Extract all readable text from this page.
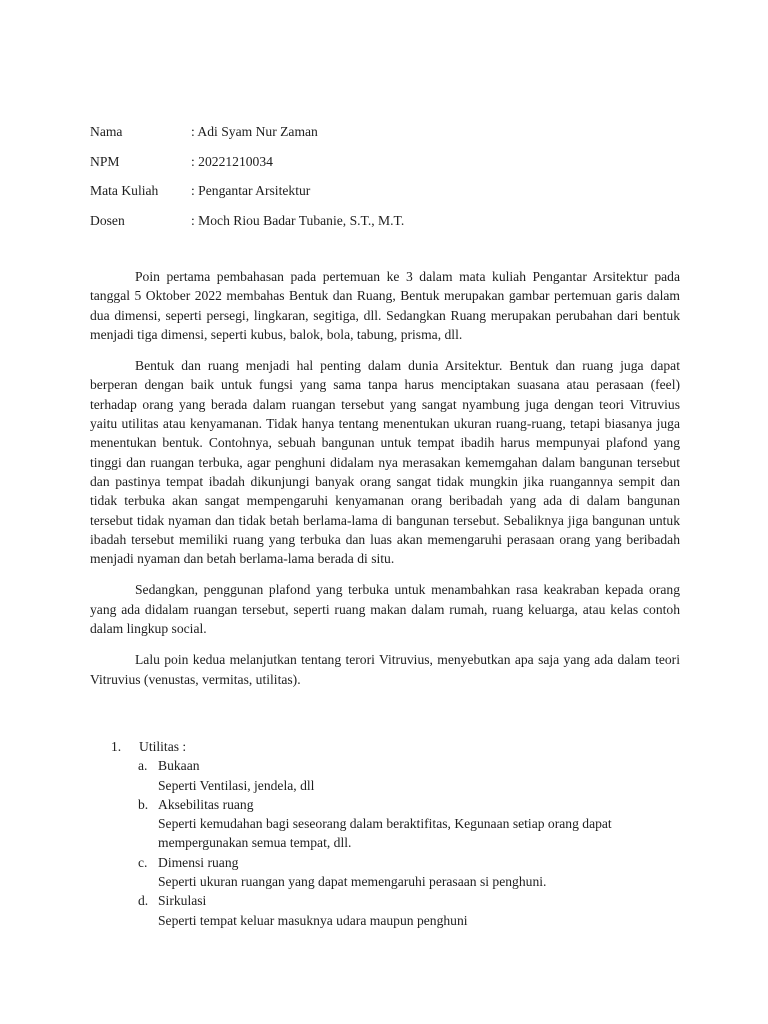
Nama	: Adi Syam Nur Zaman
NPM	: 20221210034
Mata Kuliah	: Pengantar Arsitektur
Dosen	: Moch Riou Badar Tubanie, S.T., M.T.

Poin pertama pembahasan pada pertemuan ke 3 dalam mata kuliah Pengantar Arsitektur pada tanggal 5 Oktober 2022 membahas Bentuk dan Ruang, Bentuk merupakan gambar pertemuan garis dalam dua dimensi, seperti persegi, lingkaran, segitiga, dll. Sedangkan Ruang merupakan perubahan dari bentuk menjadi tiga dimensi, seperti kubus, balok, bola, tabung, prisma, dll.

Bentuk dan ruang menjadi hal penting dalam dunia Arsitektur. Bentuk dan ruang juga dapat berperan dengan baik untuk fungsi yang sama tanpa harus menciptakan suasana atau perasaan (feel) terhadap orang yang berada dalam ruangan tersebut yang sangat nyambung juga dengan teori Vitruvius yaitu utilitas atau kenyamanan. Tidak hanya tentang menentukan ukuran ruang-ruang, tetapi biasanya juga menentukan bentuk. Contohnya, sebuah bangunan untuk tempat ibadih harus mempunyai plafond yang tinggi dan ruangan terbuka, agar penghuni didalam nya merasakan kememgahan dalam bangunan tersebut dan pastinya tempat ibadah dikunjungi banyak orang sangat tidak mungkin jika ruangannya sempit dan tidak terbuka akan sangat mempengaruhi kenyamanan orang beribadah yang ada di dalam bangunan tersebut tidak nyaman dan tidak betah berlama-lama di bangunan tersebut. Sebaliknya jiga bangunan untuk ibadah tersebut memiliki ruang yang terbuka dan luas akan memengaruhi perasaan orang yang beribadah menjadi nyaman dan betah berlama-lama berada di situ.

Sedangkan, penggunan plafond yang terbuka untuk menambahkan rasa keakraban kepada orang yang ada didalam ruangan tersebut, seperti ruang makan dalam rumah, ruang keluarga, atau kelas contoh dalam lingkup social.

Lalu poin kedua melanjutkan tentang terori Vitruvius, menyebutkan apa saja yang ada dalam teori Vitruvius (venustas, vermitas, utilitas).

1.	Utilitas :
a. Bukaan
Seperti Ventilasi, jendela, dll
b. Aksebilitas ruang
Seperti kemudahan bagi seseorang dalam beraktifitas, Kegunaan setiap orang dapat mempergunakan semua tempat, dll.
c. Dimensi ruang
Seperti ukuran ruangan yang dapat memengaruhi perasaan si penghuni.
d. Sirkulasi
Seperti tempat keluar masuknya udara maupun penghuni
